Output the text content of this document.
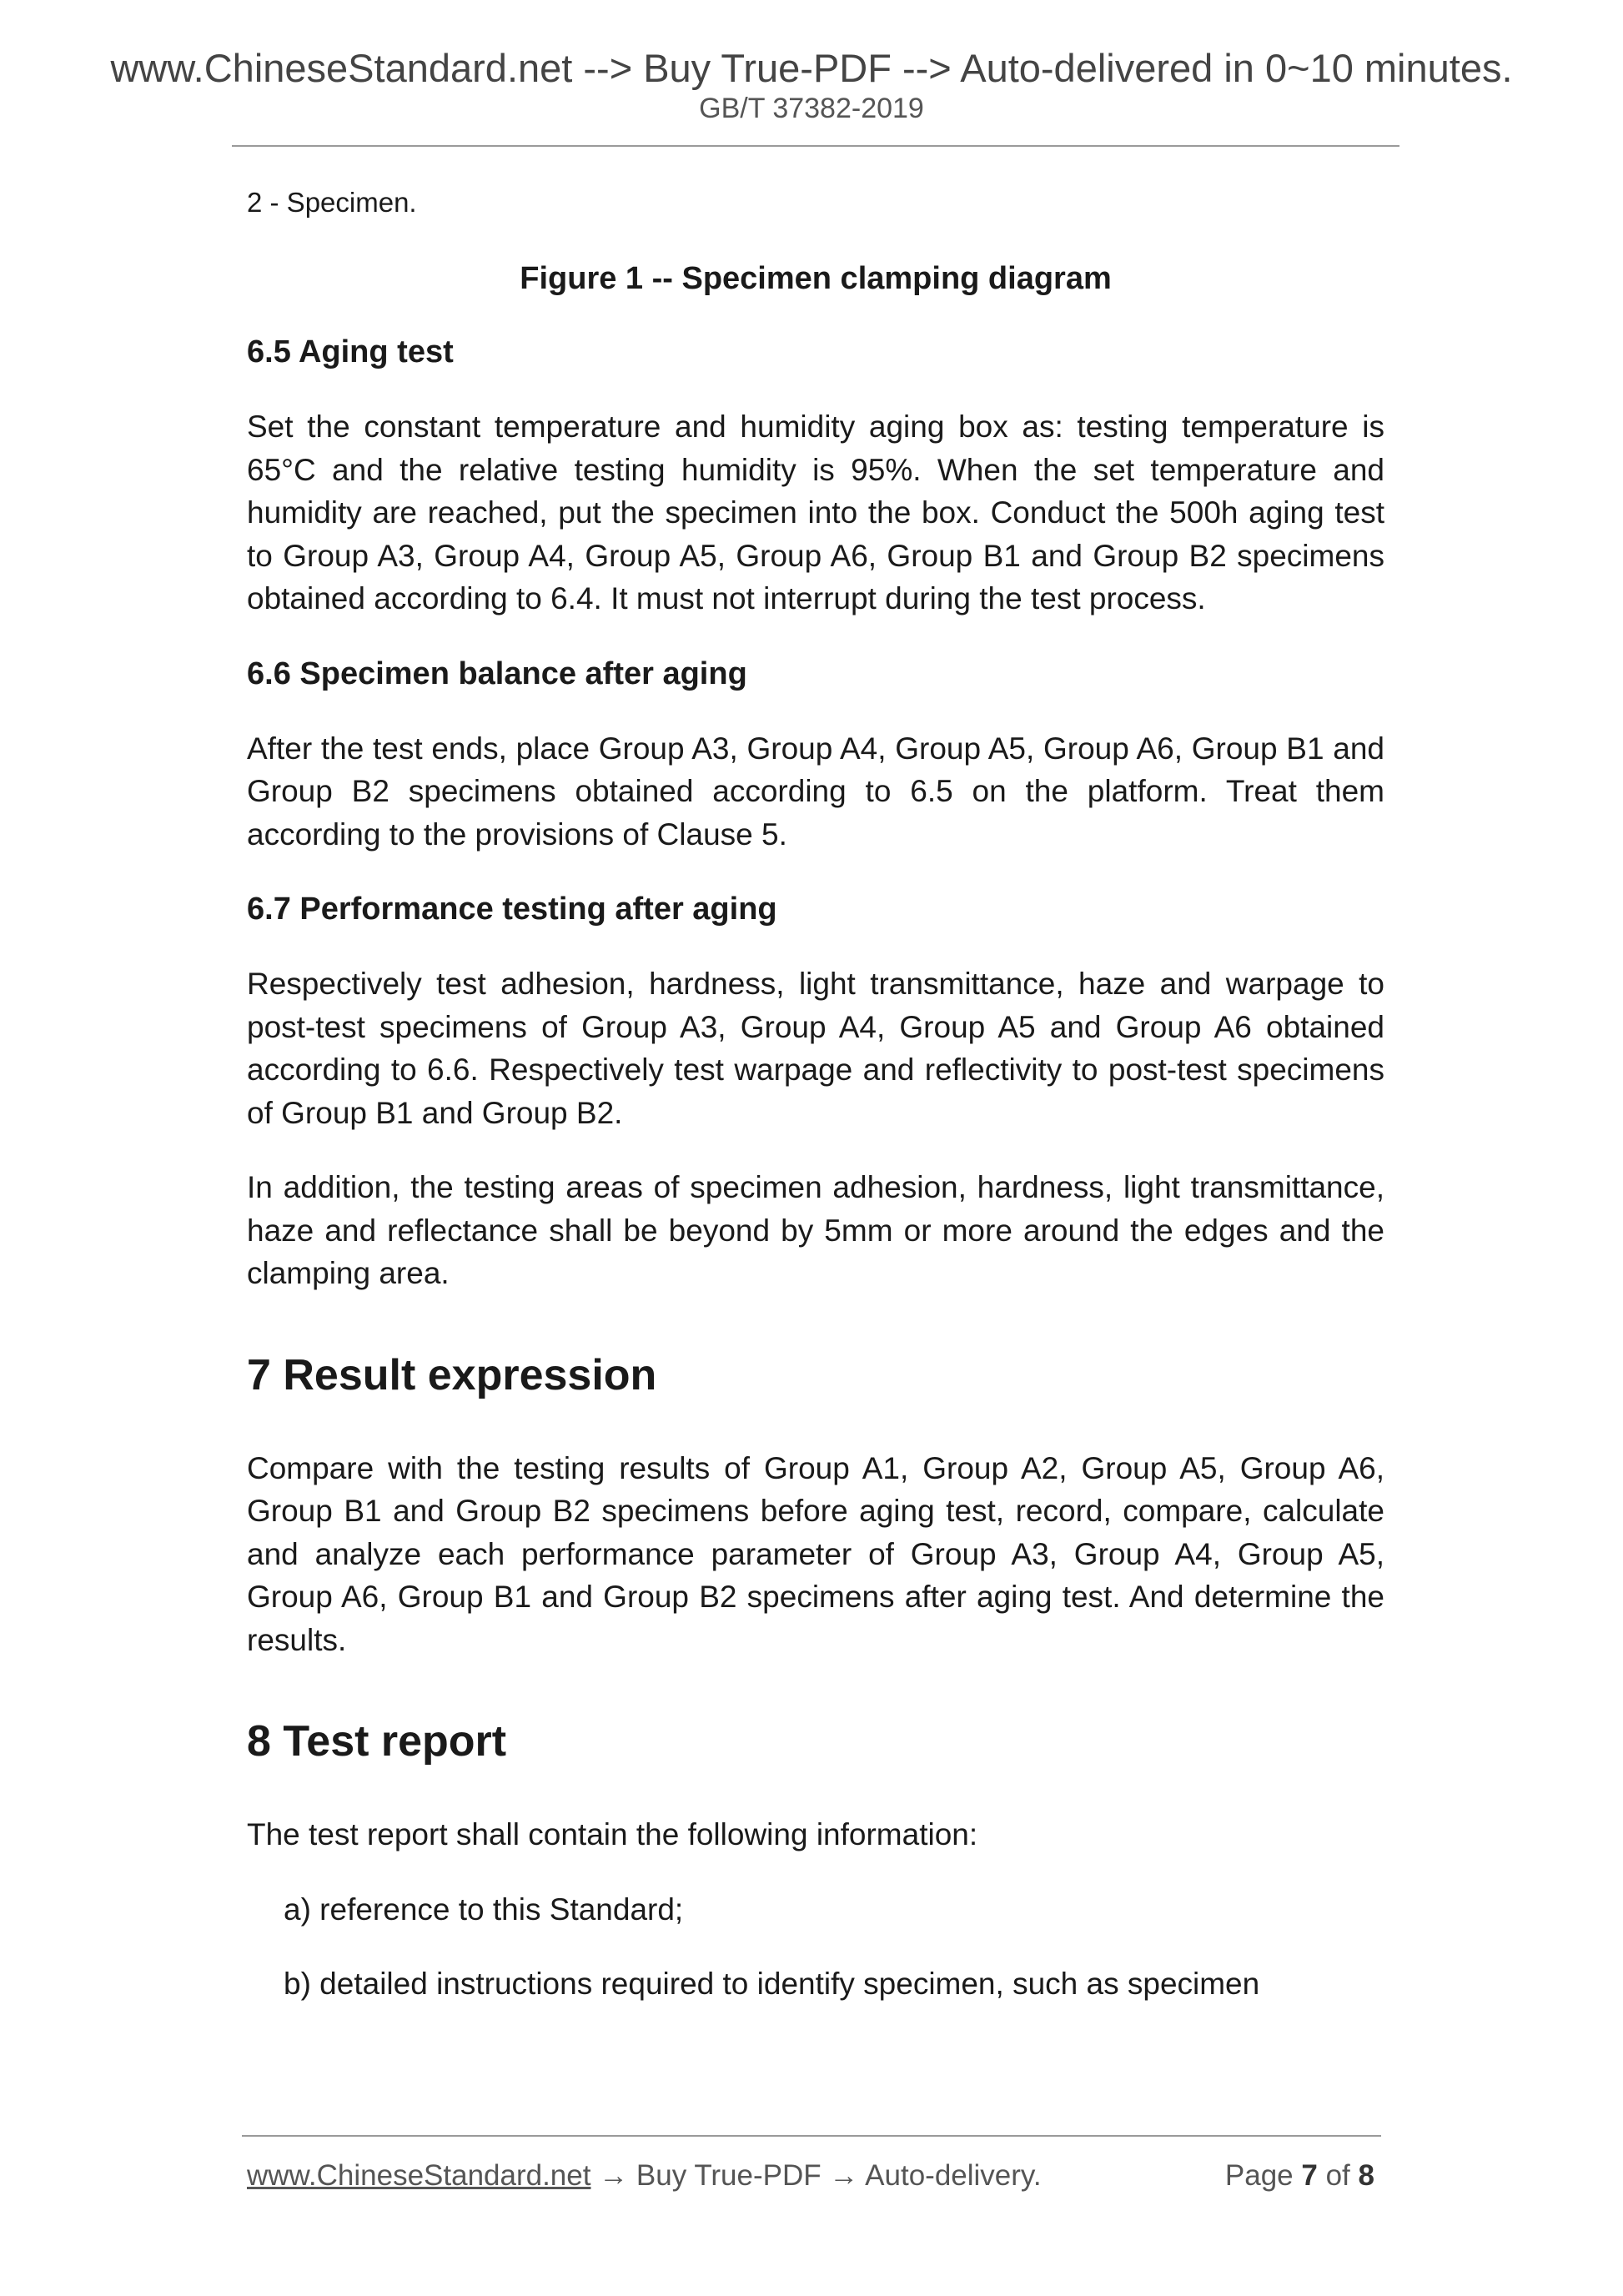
www.ChineseStandard.net --> Buy True-PDF --> Auto-delivered in 0~10 minutes.
GB/T 37382-2019

2 - Specimen.

Figure 1 -- Specimen clamping diagram

6.5 Aging test

Set the constant temperature and humidity aging box as: testing temperature is 65°C and the relative testing humidity is 95%. When the set temperature and humidity are reached, put the specimen into the box. Conduct the 500h aging test to Group A3, Group A4, Group A5, Group A6, Group B1 and Group B2 specimens obtained according to 6.4. It must not interrupt during the test process.

6.6 Specimen balance after aging

After the test ends, place Group A3, Group A4, Group A5, Group A6, Group B1 and Group B2 specimens obtained according to 6.5 on the platform. Treat them according to the provisions of Clause 5.

6.7 Performance testing after aging

Respectively test adhesion, hardness, light transmittance, haze and warpage to post-test specimens of Group A3, Group A4, Group A5 and Group A6 obtained according to 6.6. Respectively test warpage and reflectivity to post-test specimens of Group B1 and Group B2.

In addition, the testing areas of specimen adhesion, hardness, light transmittance, haze and reflectance shall be beyond by 5mm or more around the edges and the clamping area.

7 Result expression

Compare with the testing results of Group A1, Group A2, Group A5, Group A6, Group B1 and Group B2 specimens before aging test, record, compare, calculate and analyze each performance parameter of Group A3, Group A4, Group A5, Group A6, Group B1 and Group B2 specimens after aging test. And determine the results.

8 Test report

The test report shall contain the following information:

a) reference to this Standard;

b) detailed instructions required to identify specimen, such as specimen

www.ChineseStandard.net → Buy True-PDF → Auto-delivery.	Page 7 of 8
